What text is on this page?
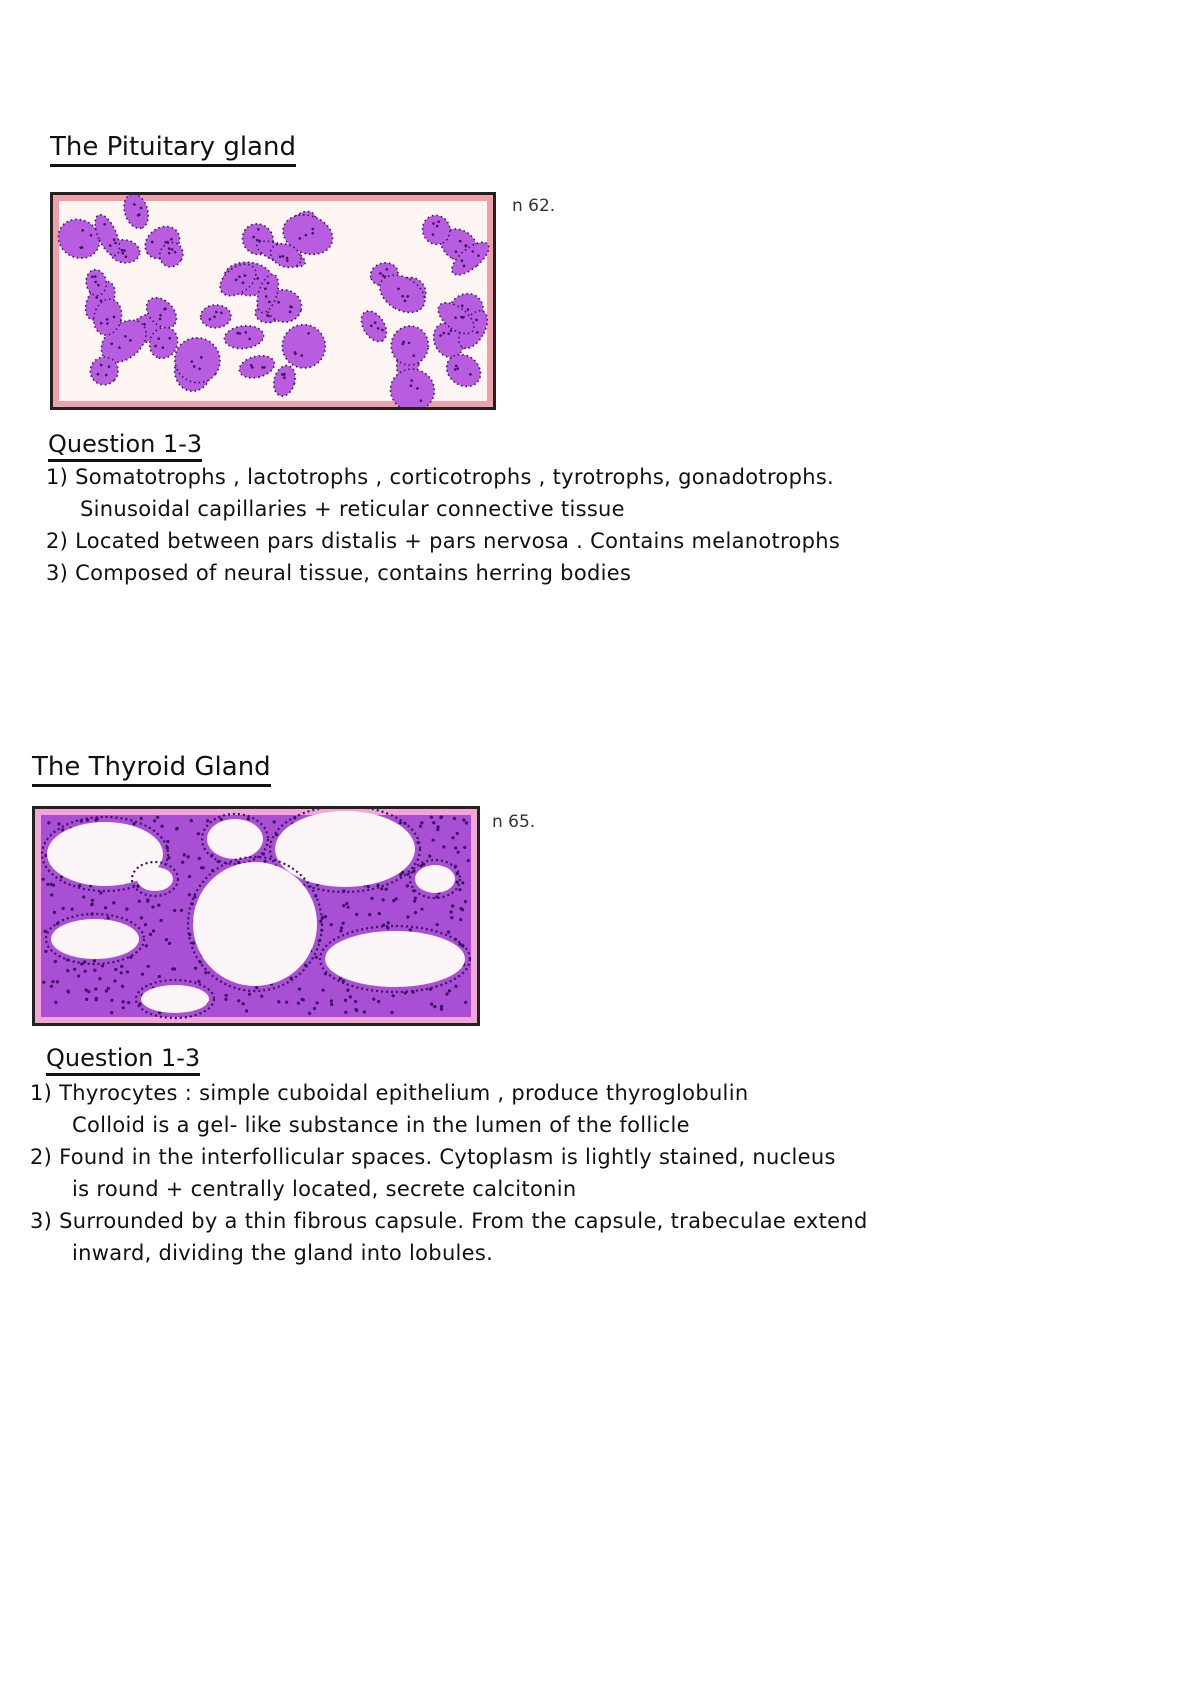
The Pituitary gland
n 62.
Question 1-3
1) Somatotrophs , lactotrophs , corticotrophs , tyrotrophs, gonadotrophs.
Sinusoidal capillaries + reticular connective tissue
2) Located between pars distalis + pars nervosa . Contains melanotrophs
3) Composed of neural tissue, contains herring bodies
The Thyroid Gland
n 65.
Question 1-3
1) Thyrocytes : simple cuboidal epithelium , produce thyroglobulin
Colloid is a gel- like substance in the lumen of the follicle
2) Found in the interfollicular spaces. Cytoplasm is lightly stained, nucleus
is round + centrally located, secrete calcitonin
3) Surrounded by a thin fibrous capsule. From the capsule, trabeculae extend
inward, dividing the gland into lobules.
